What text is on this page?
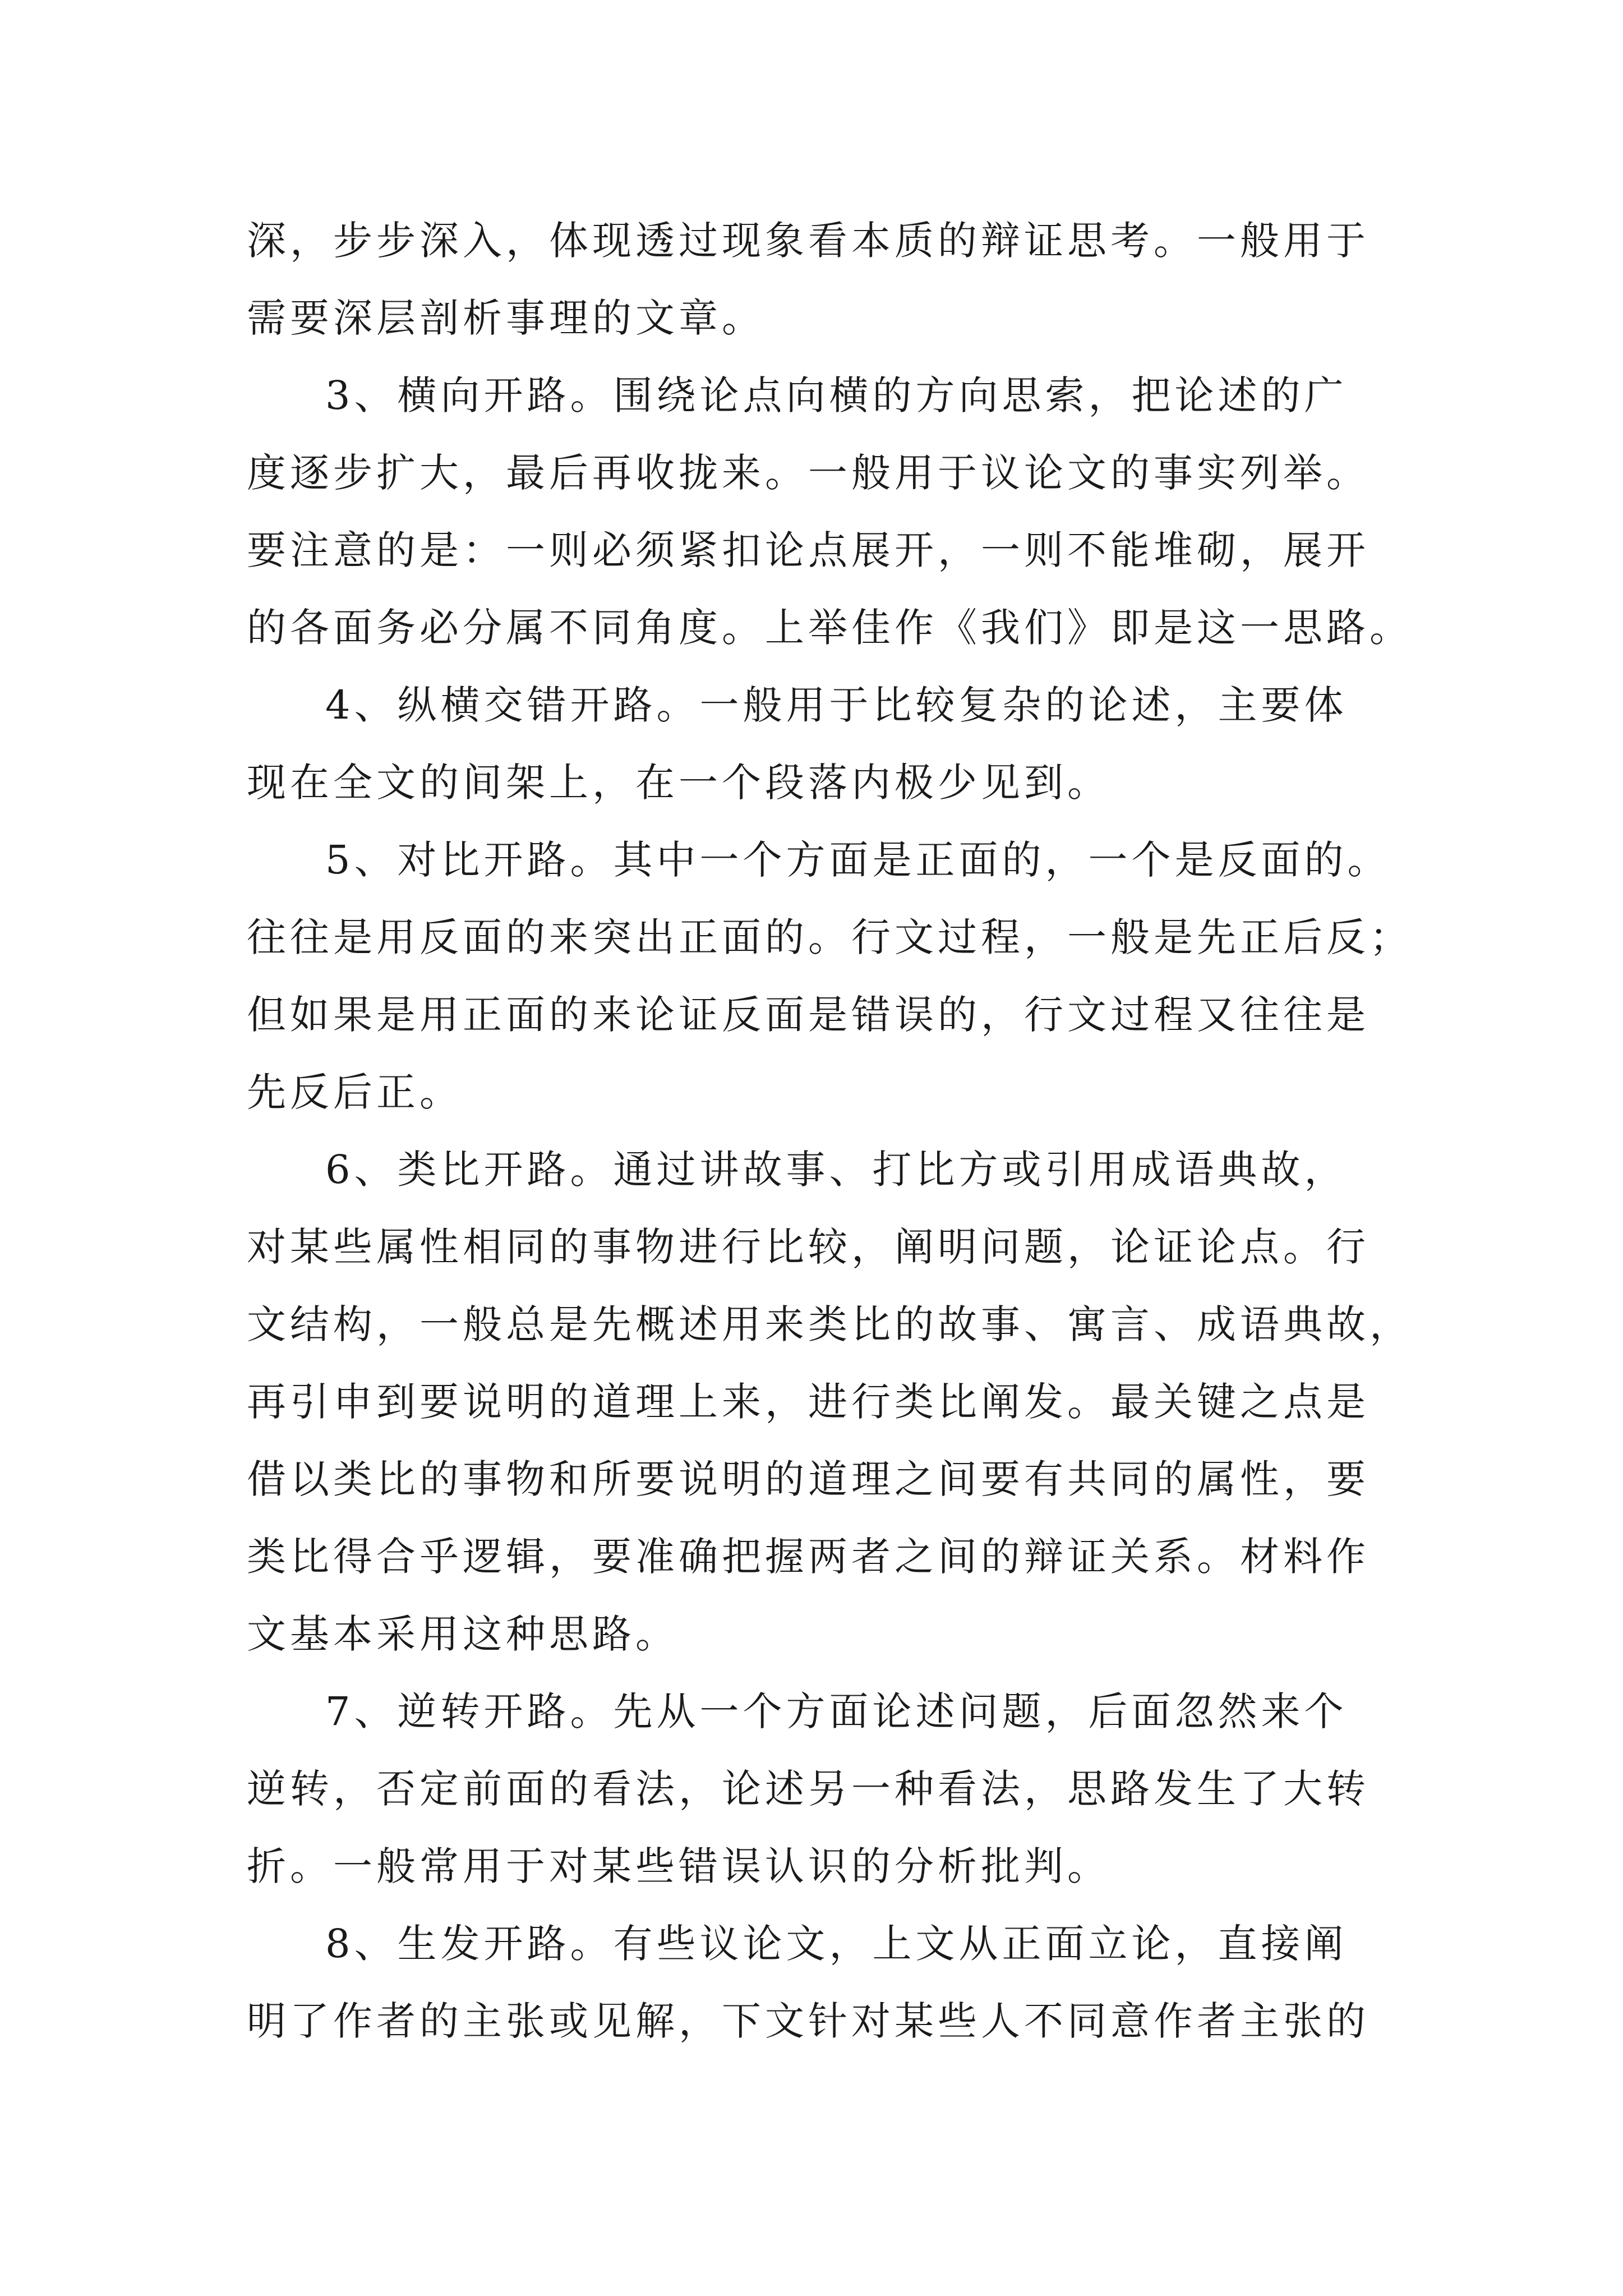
深，步步深入，体现透过现象看本质的辩证思考。一般用于
需要深层剖析事理的文章。
3、横向开路。围绕论点向横的方向思索，把论述的广
度逐步扩大，最后再收拢来。一般用于议论文的事实列举。
要注意的是：一则必须紧扣论点展开，一则不能堆砌，展开
的各面务必分属不同角度。上举佳作《我们》即是这一思路。
4、纵横交错开路。一般用于比较复杂的论述，主要体
现在全文的间架上，在一个段落内极少见到。
5、对比开路。其中一个方面是正面的，一个是反面的。
往往是用反面的来突出正面的。行文过程，一般是先正后反；
但如果是用正面的来论证反面是错误的，行文过程又往往是
先反后正。
6、类比开路。通过讲故事、打比方或引用成语典故，
对某些属性相同的事物进行比较，阐明问题，论证论点。行
文结构，一般总是先概述用来类比的故事、寓言、成语典故，
再引申到要说明的道理上来，进行类比阐发。最关键之点是
借以类比的事物和所要说明的道理之间要有共同的属性，要
类比得合乎逻辑，要准确把握两者之间的辩证关系。材料作
文基本采用这种思路。
7、逆转开路。先从一个方面论述问题，后面忽然来个
逆转，否定前面的看法，论述另一种看法，思路发生了大转
折。一般常用于对某些错误认识的分析批判。
8、生发开路。有些议论文，上文从正面立论，直接阐
明了作者的主张或见解，下文针对某些人不同意作者主张的
